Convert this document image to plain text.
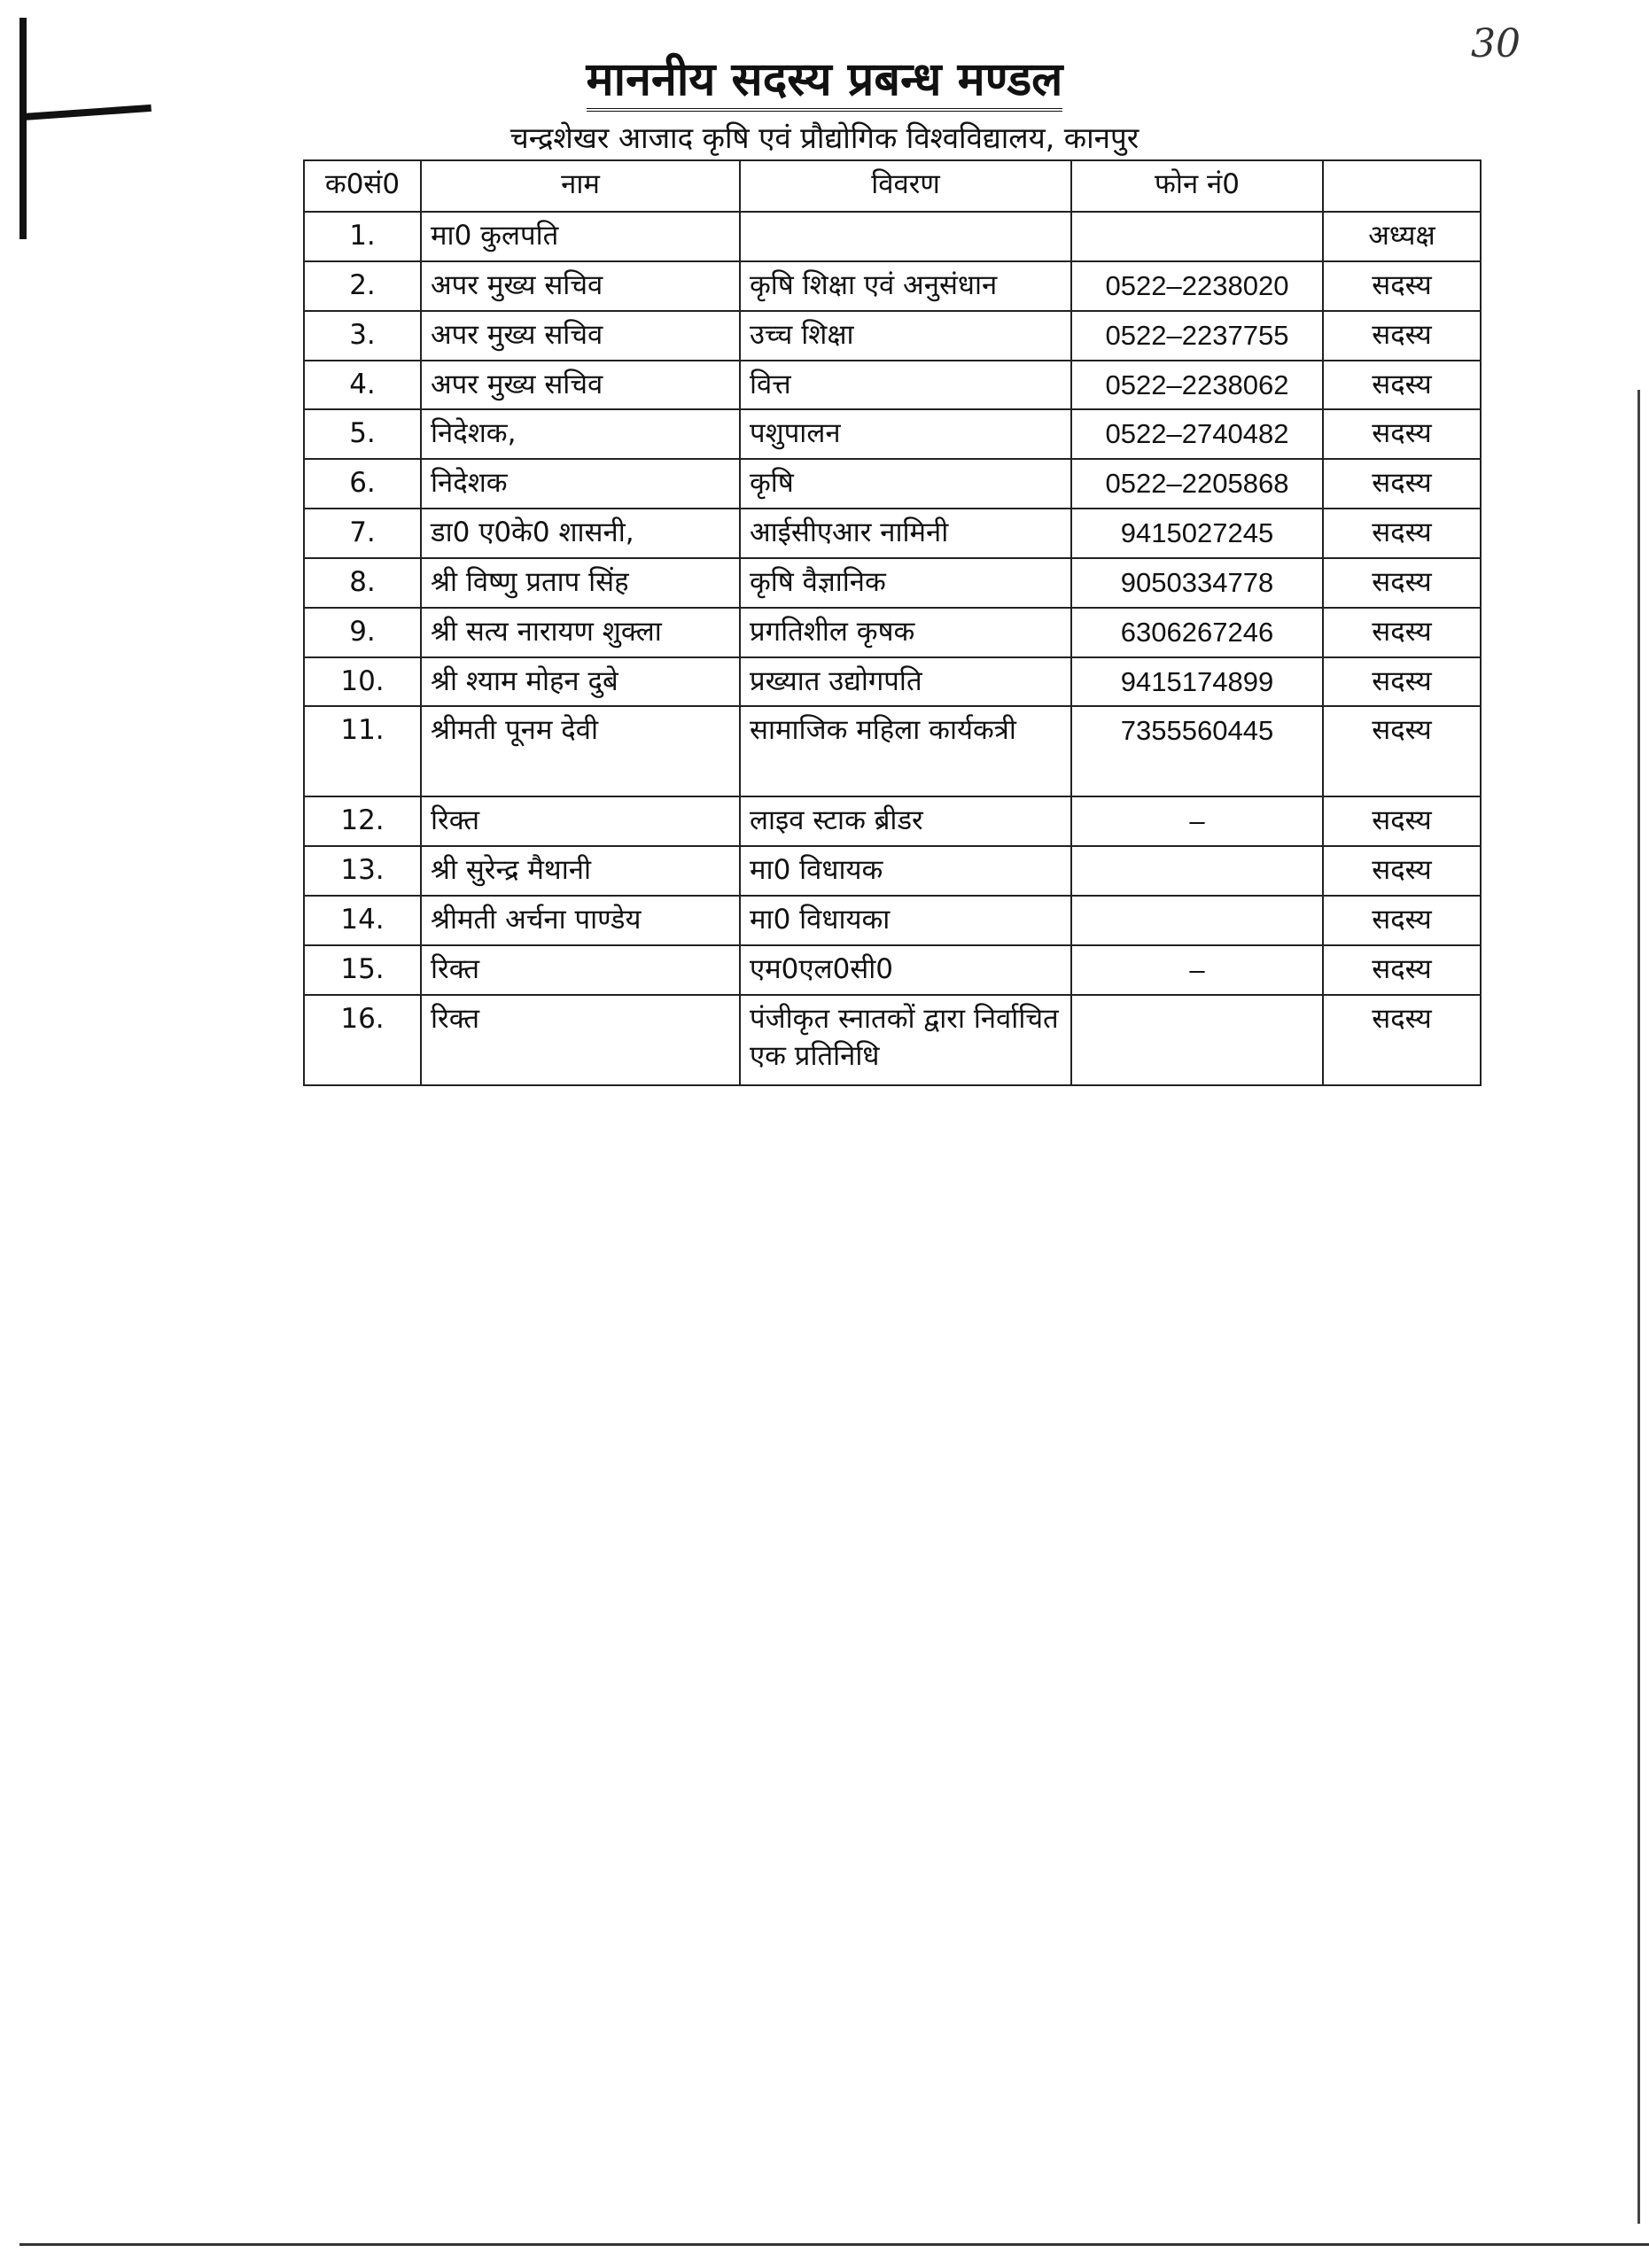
30
माननीय सदस्य प्रबन्ध मण्डल
चन्द्रशेखर आजाद कृषि एवं प्रौद्योगिक विश्वविद्यालय, कानपुर
क0सं0	नाम	विवरण	फोन नं0	
1.	मा0 कुलपति			अध्यक्ष
2.	अपर मुख्य सचिव	कृषि शिक्षा एवं अनुसंधान	0522–2238020	सदस्य
3.	अपर मुख्य सचिव	उच्च शिक्षा	0522–2237755	सदस्य
4.	अपर मुख्य सचिव	वित्त	0522–2238062	सदस्य
5.	निदेशक,	पशुपालन	0522–2740482	सदस्य
6.	निदेशक	कृषि	0522–2205868	सदस्य
7.	डा0 ए0के0 शासनी,	आईसीएआर नामिनी	9415027245	सदस्य
8.	श्री विष्णु प्रताप सिंह	कृषि वैज्ञानिक	9050334778	सदस्य
9.	श्री सत्य नारायण शुक्ला	प्रगतिशील कृषक	6306267246	सदस्य
10.	श्री श्याम मोहन दुबे	प्रख्यात उद्योगपति	9415174899	सदस्य
11.	श्रीमती पूनम देवी	सामाजिक महिला कार्यकत्री	7355560445	सदस्य
12.	रिक्त	लाइव स्टाक ब्रीडर	–	सदस्य
13.	श्री सुरेन्द्र मैथानी	मा0 विधायक		सदस्य
14.	श्रीमती अर्चना पाण्डेय	मा0 विधायका		सदस्य
15.	रिक्त	एम0एल0सी0	–	सदस्य
16.	रिक्त	पंजीकृत स्नातकों द्वारा निर्वाचित एक प्रतिनिधि		सदस्य
